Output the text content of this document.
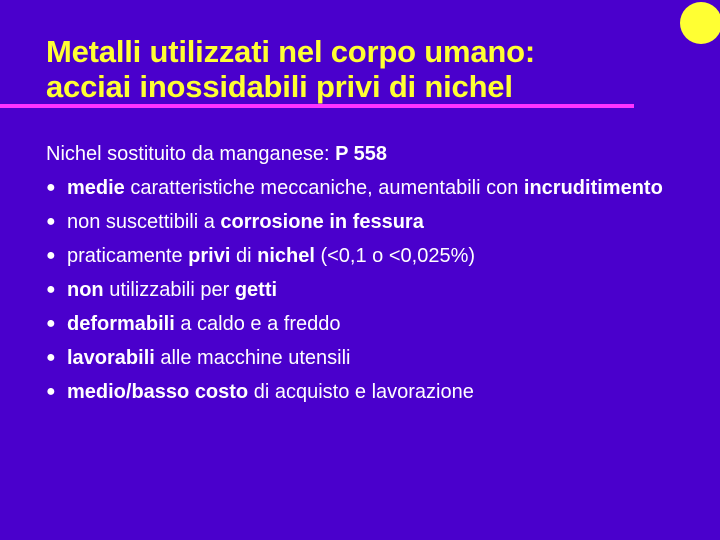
Metalli utilizzati nel corpo umano:
acciai inossidabili privi di nichel
Nichel sostituito da manganese: P 558
● medie caratteristiche meccaniche, aumentabili con incruditimento
● non suscettibili a corrosione in fessura
● praticamente privi di nichel (<0,1 o <0,025%)
● non utilizzabili per getti
● deformabili a caldo e a freddo
● lavorabili alle macchine utensili
● medio/basso costo di acquisto e lavorazione
